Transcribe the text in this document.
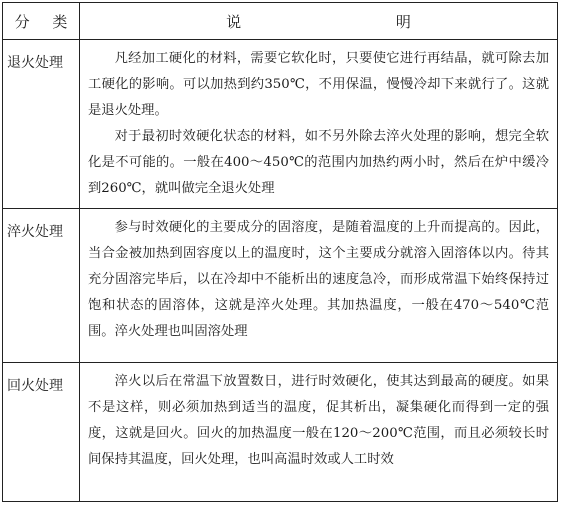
分 类	说 明
退火处理	凡经加工硬化的材料，需要它软化时，只要使它进行再结晶，就可除去加工硬化的影响。可以加热到约350℃，不用保温，慢慢冷却下来就行了。这就是退火处理。

对于最初时效硬化状态的材料，如不另外除去淬火处理的影响，想完全软化是不可能的。一般在400～450℃的范围内加热约两小时，然后在炉中缓冷到260℃，就叫做完全退火处理

淬火处理	参与时效硬化的主要成分的固溶度，是随着温度的上升而提高的。因此，当合金被加热到固容度以上的温度时，这个主要成分就溶入固溶体以内。待其充分固溶完毕后，以在冷却中不能析出的速度急冷，而形成常温下始终保持过饱和状态的固溶体，这就是淬火处理。其加热温度，一般在470～540℃范围。淬火处理也叫固溶处理

回火处理	淬火以后在常温下放置数日，进行时效硬化，使其达到最高的硬度。如果不是这样，则必须加热到适当的温度，促其析出，凝集硬化而得到一定的强度，这就是回火。回火的加热温度一般在120～200℃范围，而且必须较长时间保持其温度，回火处理，也叫高温时效或人工时效
